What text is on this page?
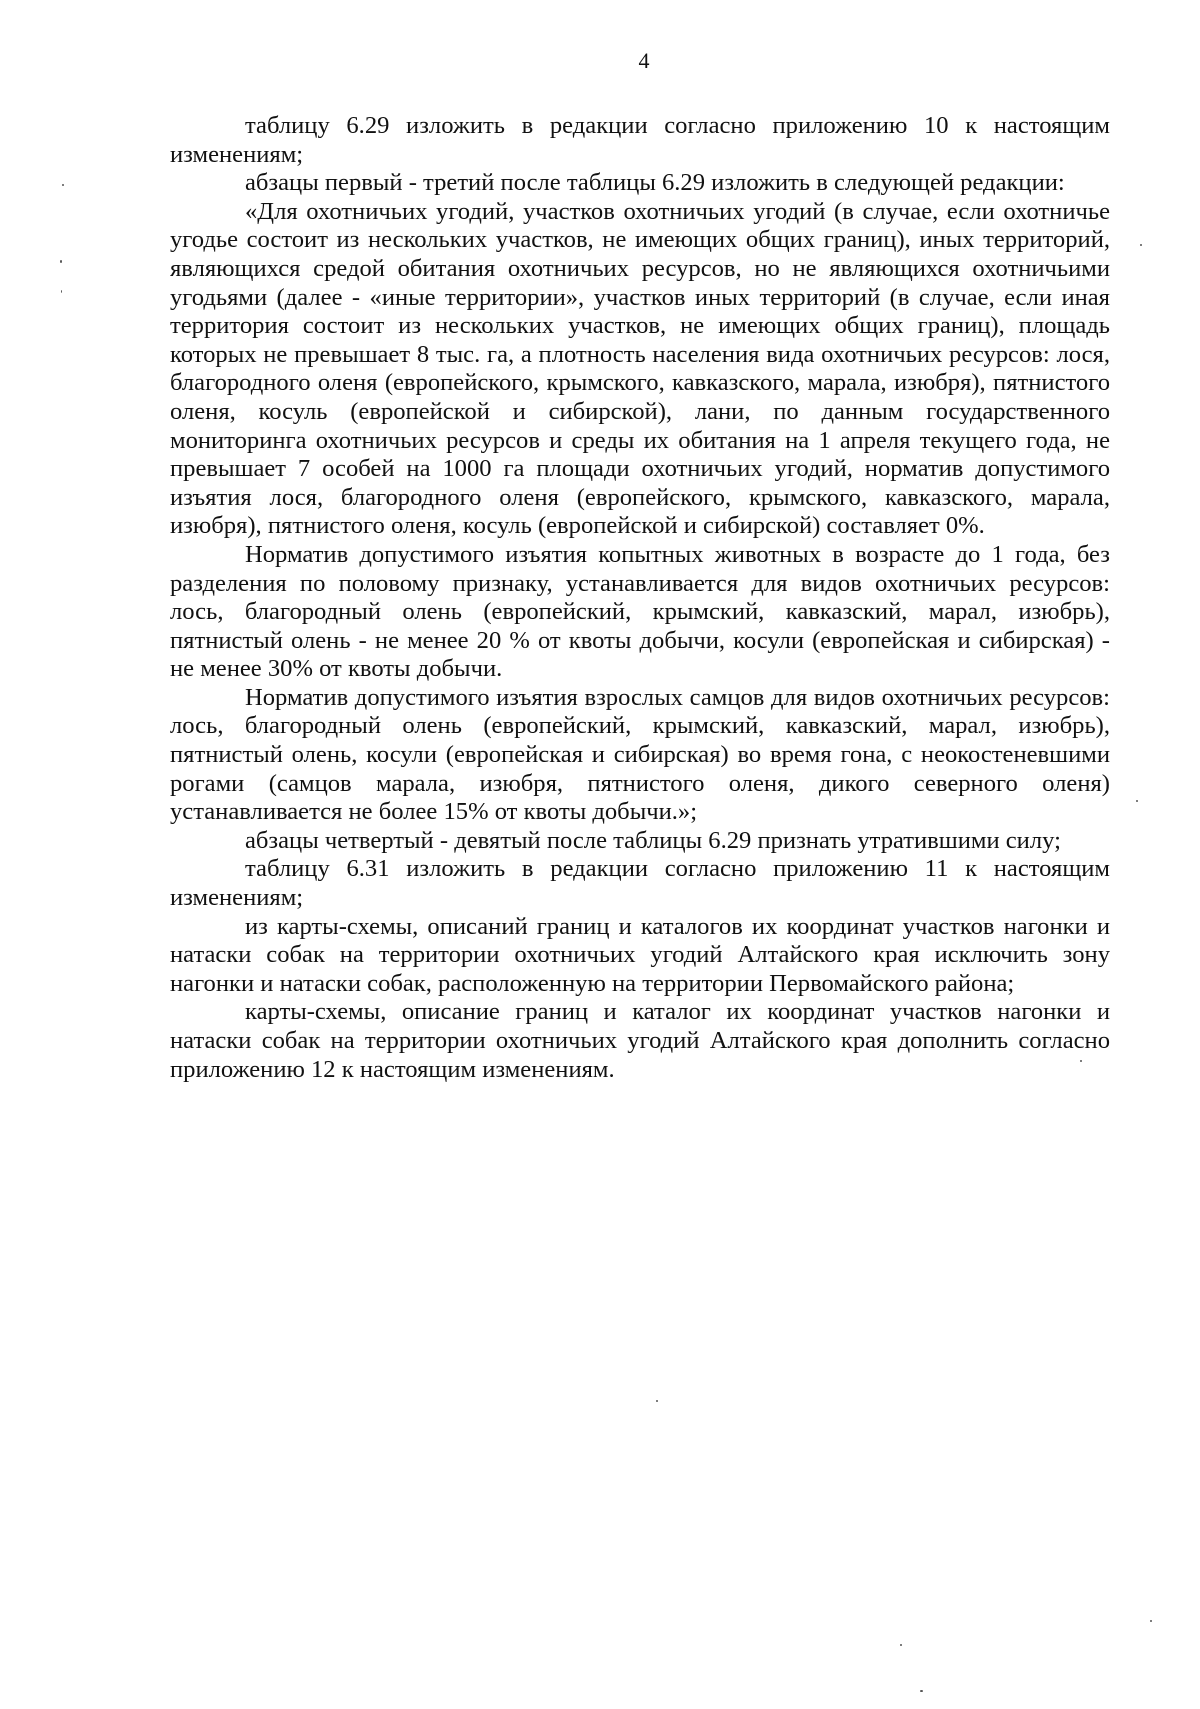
4

таблицу 6.29 изложить в редакции согласно приложению 10 к настоящим изменениям;

абзацы первый - третий после таблицы 6.29 изложить в следующей редакции:

«Для охотничьих угодий, участков охотничьих угодий (в случае, если охотничье угодье состоит из нескольких участков, не имеющих общих границ), иных территорий, являющихся средой обитания охотничьих ресурсов, но не являющихся охотничьими угодьями (далее - «иные территории», участков иных территорий (в случае, если иная территория состоит из нескольких участков, не имеющих общих границ), площадь которых не превышает 8 тыс. га, а плотность населения вида охотничьих ресурсов: лося, благородного оленя (европейского, крымского, кавказского, марала, изюбря), пятнистого оленя, косуль (европейской и сибирской), лани, по данным государственного мониторинга охотничьих ресурсов и среды их обитания на 1 апреля текущего года, не превышает 7 особей на 1000 га площади охотничьих угодий, норматив допустимого изъятия лося, благородного оленя (европейского, крымского, кавказского, марала, изюбря), пятнистого оленя, косуль (европейской и сибирской) составляет 0%.

Норматив допустимого изъятия копытных животных в возрасте до 1 года, без разделения по половому признаку, устанавливается для видов охотничьих ресурсов: лось, благородный олень (европейский, крымский, кавказский, марал, изюбрь), пятнистый олень - не менее 20 % от квоты добычи, косули (европейская и сибирская) - не менее 30% от квоты добычи.

Норматив допустимого изъятия взрослых самцов для видов охотничьих ресурсов: лось, благородный олень (европейский, крымский, кавказский, марал, изюбрь), пятнистый олень, косули (европейская и сибирская) во время гона, с неокостеневшими рогами (самцов марала, изюбря, пятнистого оленя, дикого северного оленя) устанавливается не более 15% от квоты добычи.»;

абзацы четвертый - девятый после таблицы 6.29 признать утратившими силу;

таблицу 6.31 изложить в редакции согласно приложению 11 к настоящим изменениям;

из карты-схемы, описаний границ и каталогов их координат участков нагонки и натаски собак на территории охотничьих угодий Алтайского края исключить зону нагонки и натаски собак, расположенную на территории Первомайского района;

карты-схемы, описание границ и каталог их координат участков нагонки и натаски собак на территории охотничьих угодий Алтайского края дополнить согласно приложению 12 к настоящим изменениям.
